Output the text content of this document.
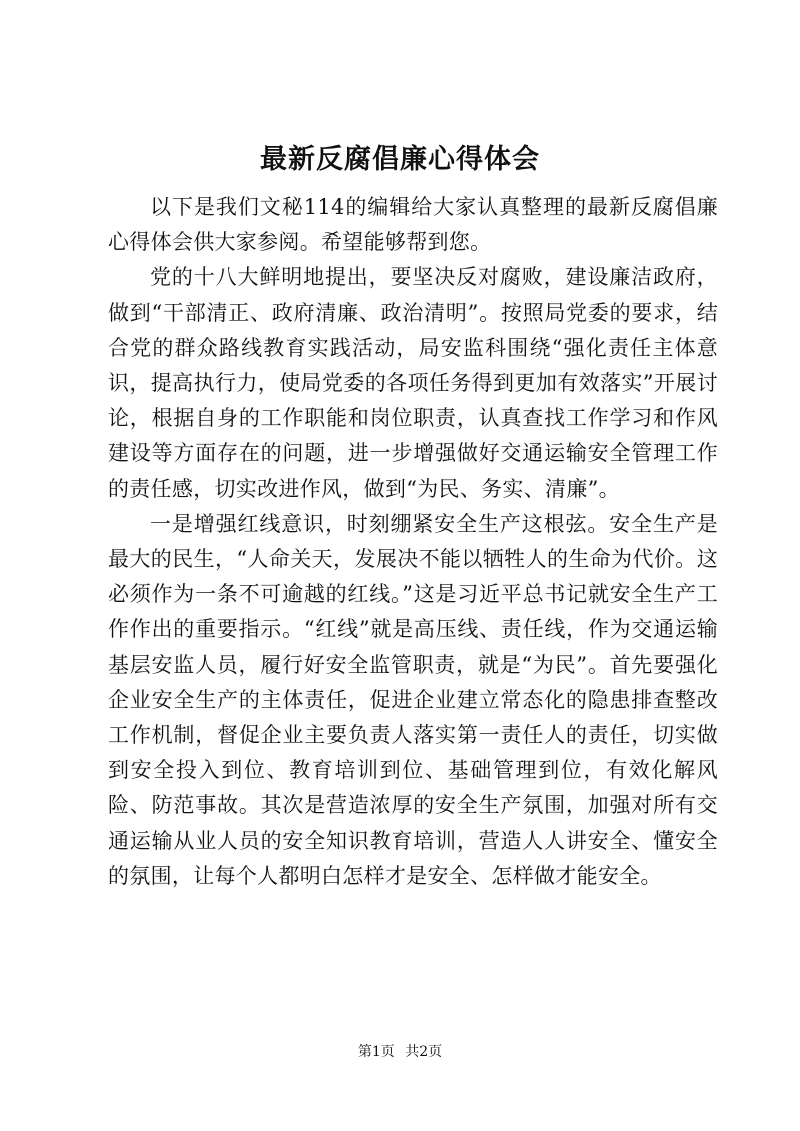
最新反腐倡廉心得体会

以下是我们文秘114的编辑给大家认真整理的最新反腐倡廉心得体会供大家参阅。希望能够帮到您。

党的十八大鲜明地提出，要坚决反对腐败，建设廉洁政府，做到“干部清正、政府清廉、政治清明”。按照局党委的要求，结合党的群众路线教育实践活动，局安监科围绕“强化责任主体意识，提高执行力，使局党委的各项任务得到更加有效落实”开展讨论，根据自身的工作职能和岗位职责，认真查找工作学习和作风建设等方面存在的问题，进一步增强做好交通运输安全管理工作的责任感，切实改进作风，做到“为民、务实、清廉”。

一是增强红线意识，时刻绷紧安全生产这根弦。安全生产是最大的民生，“人命关天，发展决不能以牺牲人的生命为代价。这必须作为一条不可逾越的红线。”这是习近平总书记就安全生产工作作出的重要指示。“红线”就是高压线、责任线，作为交通运输基层安监人员，履行好安全监管职责，就是“为民”。首先要强化企业安全生产的主体责任，促进企业建立常态化的隐患排查整改工作机制，督促企业主要负责人落实第一责任人的责任，切实做到安全投入到位、教育培训到位、基础管理到位，有效化解风险、防范事故。其次是营造浓厚的安全生产氛围，加强对所有交通运输从业人员的安全知识教育培训，营造人人讲安全、懂安全的氛围，让每个人都明白怎样才是安全、怎样做才能安全。

第1页 共2页
